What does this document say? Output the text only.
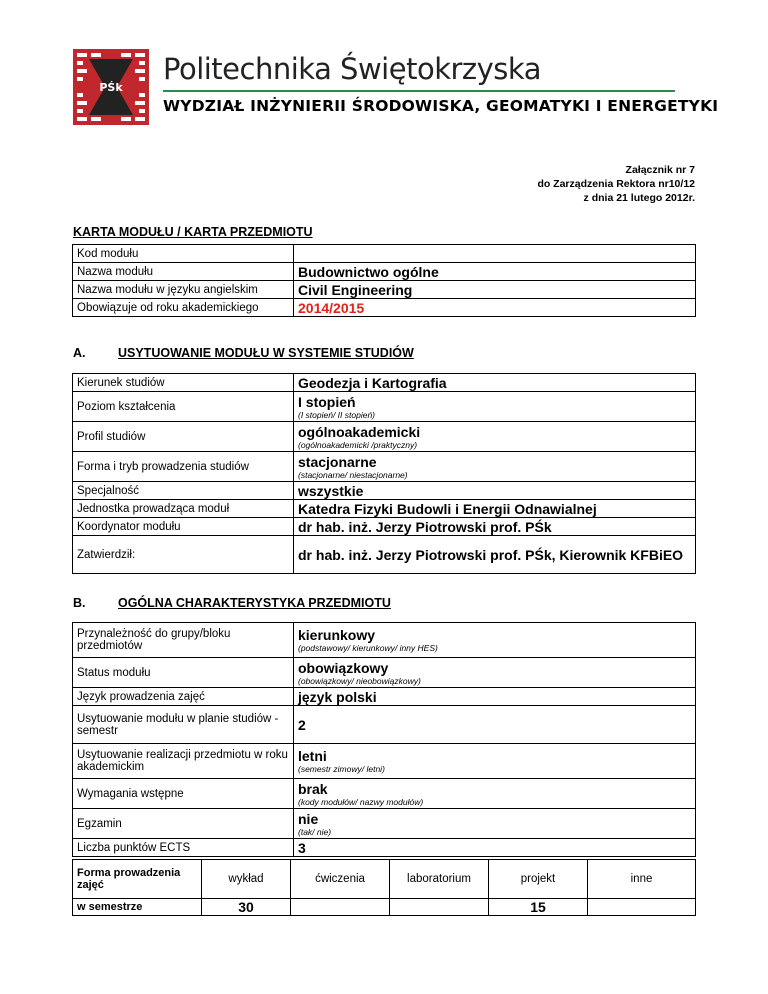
PŚk
Politechnika Świętokrzyska
WYDZIAŁ INŻYNIERII ŚRODOWISKA, GEOMATYKI I ENERGETYKI
Załącznik nr 7
do Zarządzenia Rektora nr10/12
z dnia 21 lutego 2012r.
KARTA MODUŁU / KARTA PRZEDMIOTU
Kod modułu	
Nazwa modułu	Budownictwo ogólne
Nazwa modułu w języku angielskim	Civil Engineering
Obowiązuje od roku akademickiego	2014/2015
A.	USYTUOWANIE MODUŁU W SYSTEMIE STUDIÓW
Kierunek studiów	Geodezja i Kartografia
Poziom kształcenia	I stopień
(I stopień/ II stopień)

Profil studiów	ogólnoakademicki
(ogólnoakademicki /praktyczny)

Forma i tryb prowadzenia studiów	stacjonarne
(stacjonarne/ niestacjonarne)

Specjalność	wszystkie
Jednostka prowadząca moduł	Katedra Fizyki Budowli i Energii Odnawialnej
Koordynator modułu	dr hab. inż. Jerzy Piotrowski prof. PŚk
Zatwierdził:	dr hab. inż. Jerzy Piotrowski prof. PŚk, Kierownik KFBiEO
B.	OGÓLNA CHARAKTERYSTYKA PRZEDMIOTU
Przynależność do grupy/bloku przedmiotów	kierunkowy
(podstawowy/ kierunkowy/ inny HES)

Status modułu	obowiązkowy
(obowiązkowy/ nieobowiązkowy)

Język prowadzenia zajęć	język polski
Usytuowanie modułu w planie studiów - semestr	2
Usytuowanie realizacji przedmiotu w roku akademickim	letni
(semestr zimowy/ letni)

Wymagania wstępne	brak
(kody modułów/ nazwy modułów)

Egzamin	nie
(tak/ nie)

Liczba punktów ECTS	3
Forma prowadzenia zajęć	wykład	ćwiczenia	laboratorium	projekt	inne
w semestrze	30			15	
